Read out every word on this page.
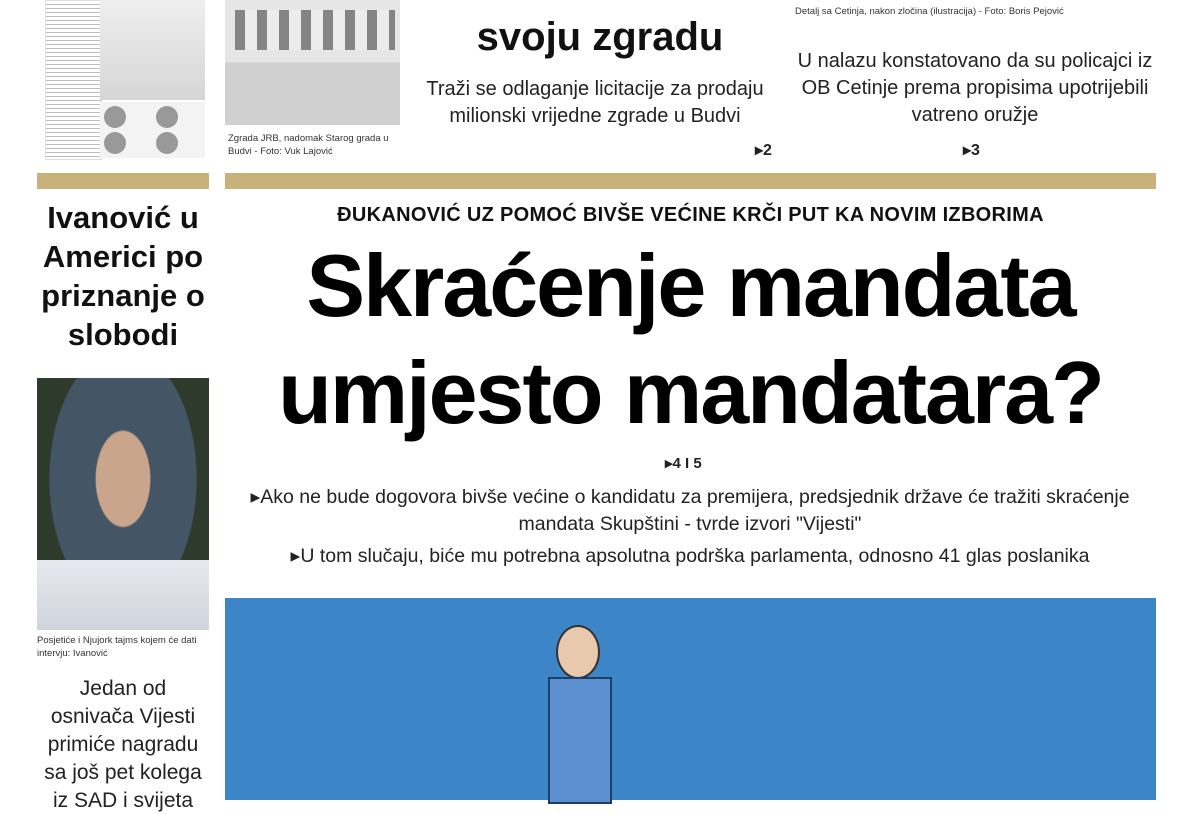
Zgrada JRB, nadomak Starog grada u Budvi - Foto: Vuk Lajović
svoju zgradu
Traži se odlaganje licitacije za prodaju milionski vrijedne zgrade u Budvi
▸2
Detalj sa Cetinja, nakon zločina (ilustracija) - Foto: Boris Pejović
U nalazu konstatovano da su policajci iz OB Cetinje prema propisima upotrijebili vatreno oružje
▸3
Ivanović u Americi po priznanje o slobodi
Posjetiće i Njujork tajms kojem će dati intervju: Ivanović
Jedan od osnivača Vijesti primiće nagradu sa još pet kolega iz SAD i svijeta
ĐUKANOVIĆ UZ POMOĆ BIVŠE VEĆINE KRČI PUT KA NOVIM IZBORIMA
Skraćenje mandata
umjesto mandatara?
▸4 I 5
▸Ako ne bude dogovora bivše većine o kandidatu za premijera, predsjednik države će tražiti skraćenje mandata Skupštini - tvrde izvori "Vijesti"
▸U tom slučaju, biće mu potrebna apsolutna podrška parlamenta, odnosno 41 glas poslanika
